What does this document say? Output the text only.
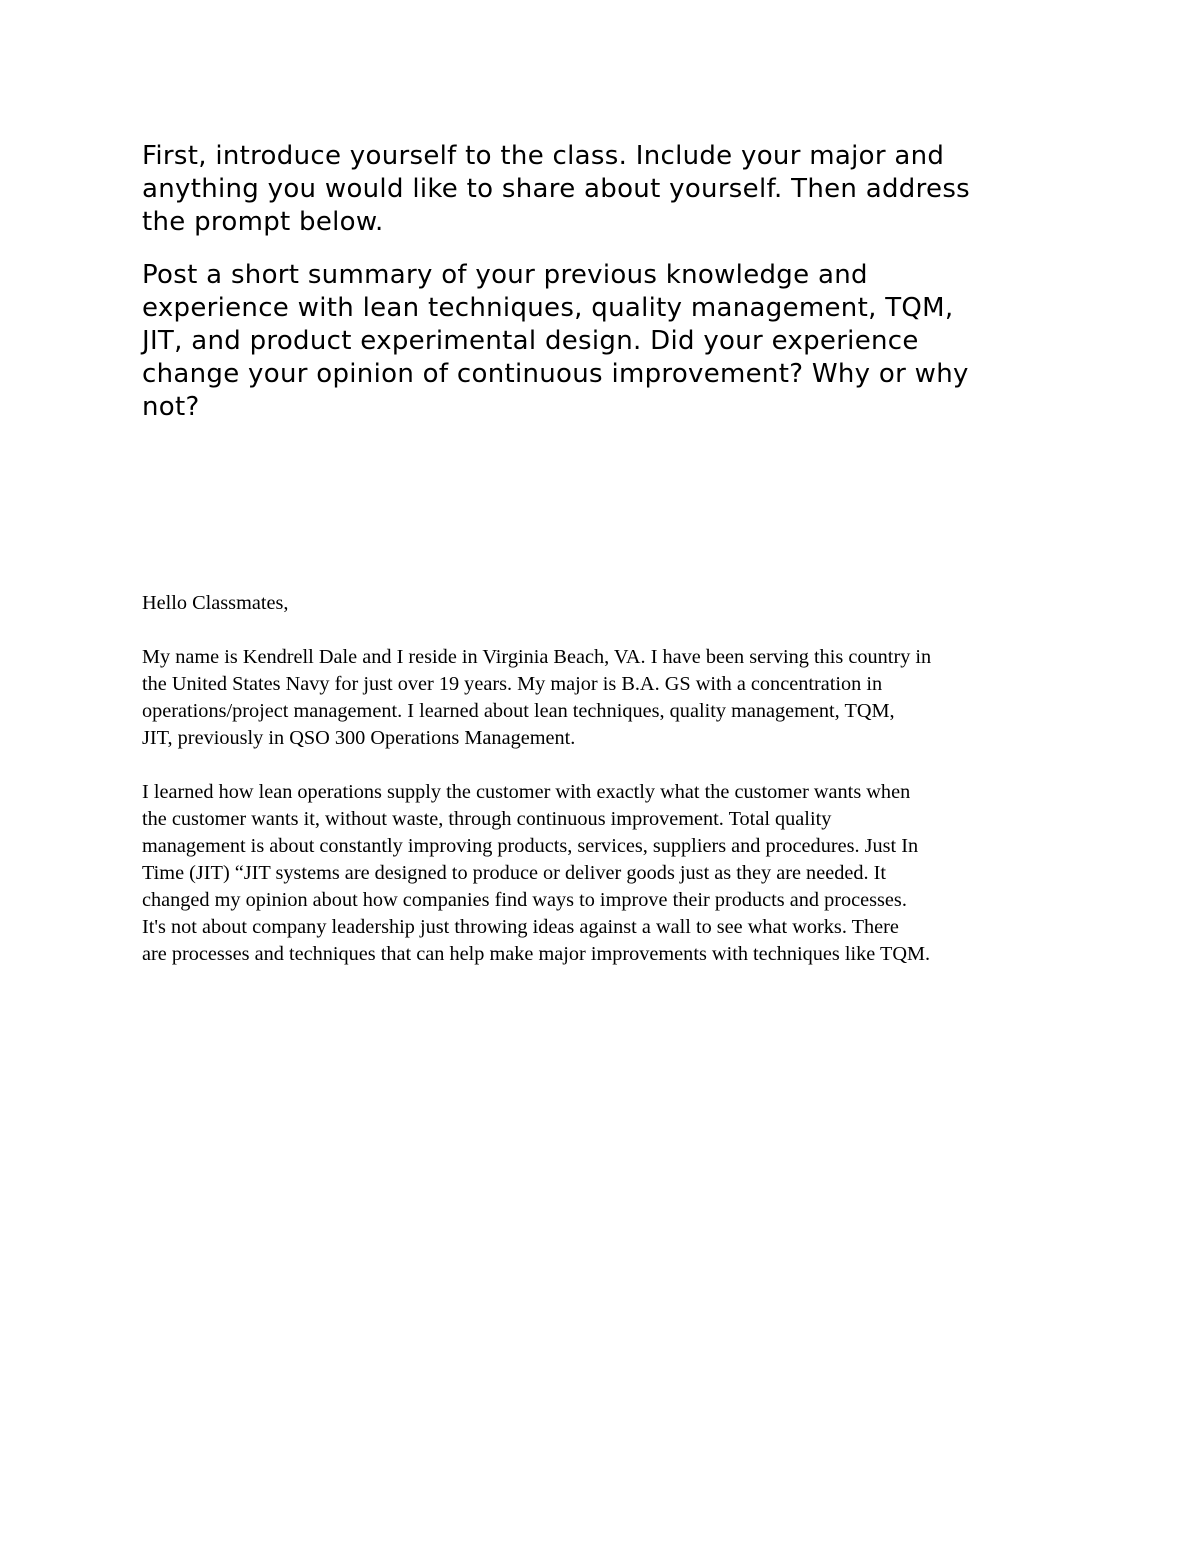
First, introduce yourself to the class. Include your major and
anything you would like to share about yourself. Then address
the prompt below.

Post a short summary of your previous knowledge and
experience with lean techniques, quality management, TQM,
JIT, and product experimental design. Did your experience
change your opinion of continuous improvement? Why or why
not?

Hello Classmates,

My name is Kendrell Dale and I reside in Virginia Beach, VA. I have been serving this country in
the United States Navy for just over 19 years. My major is B.A. GS with a concentration in
operations/project management. I learned about lean techniques, quality management, TQM,
JIT, previously in QSO 300 Operations Management.

I learned how lean operations supply the customer with exactly what the customer wants when
the customer wants it, without waste, through continuous improvement. Total quality
management is about constantly improving products, services, suppliers and procedures. Just In
Time (JIT) “JIT systems are designed to produce or deliver goods just as they are needed. It
changed my opinion about how companies find ways to improve their products and processes.
It's not about company leadership just throwing ideas against a wall to see what works. There
are processes and techniques that can help make major improvements with techniques like TQM.
